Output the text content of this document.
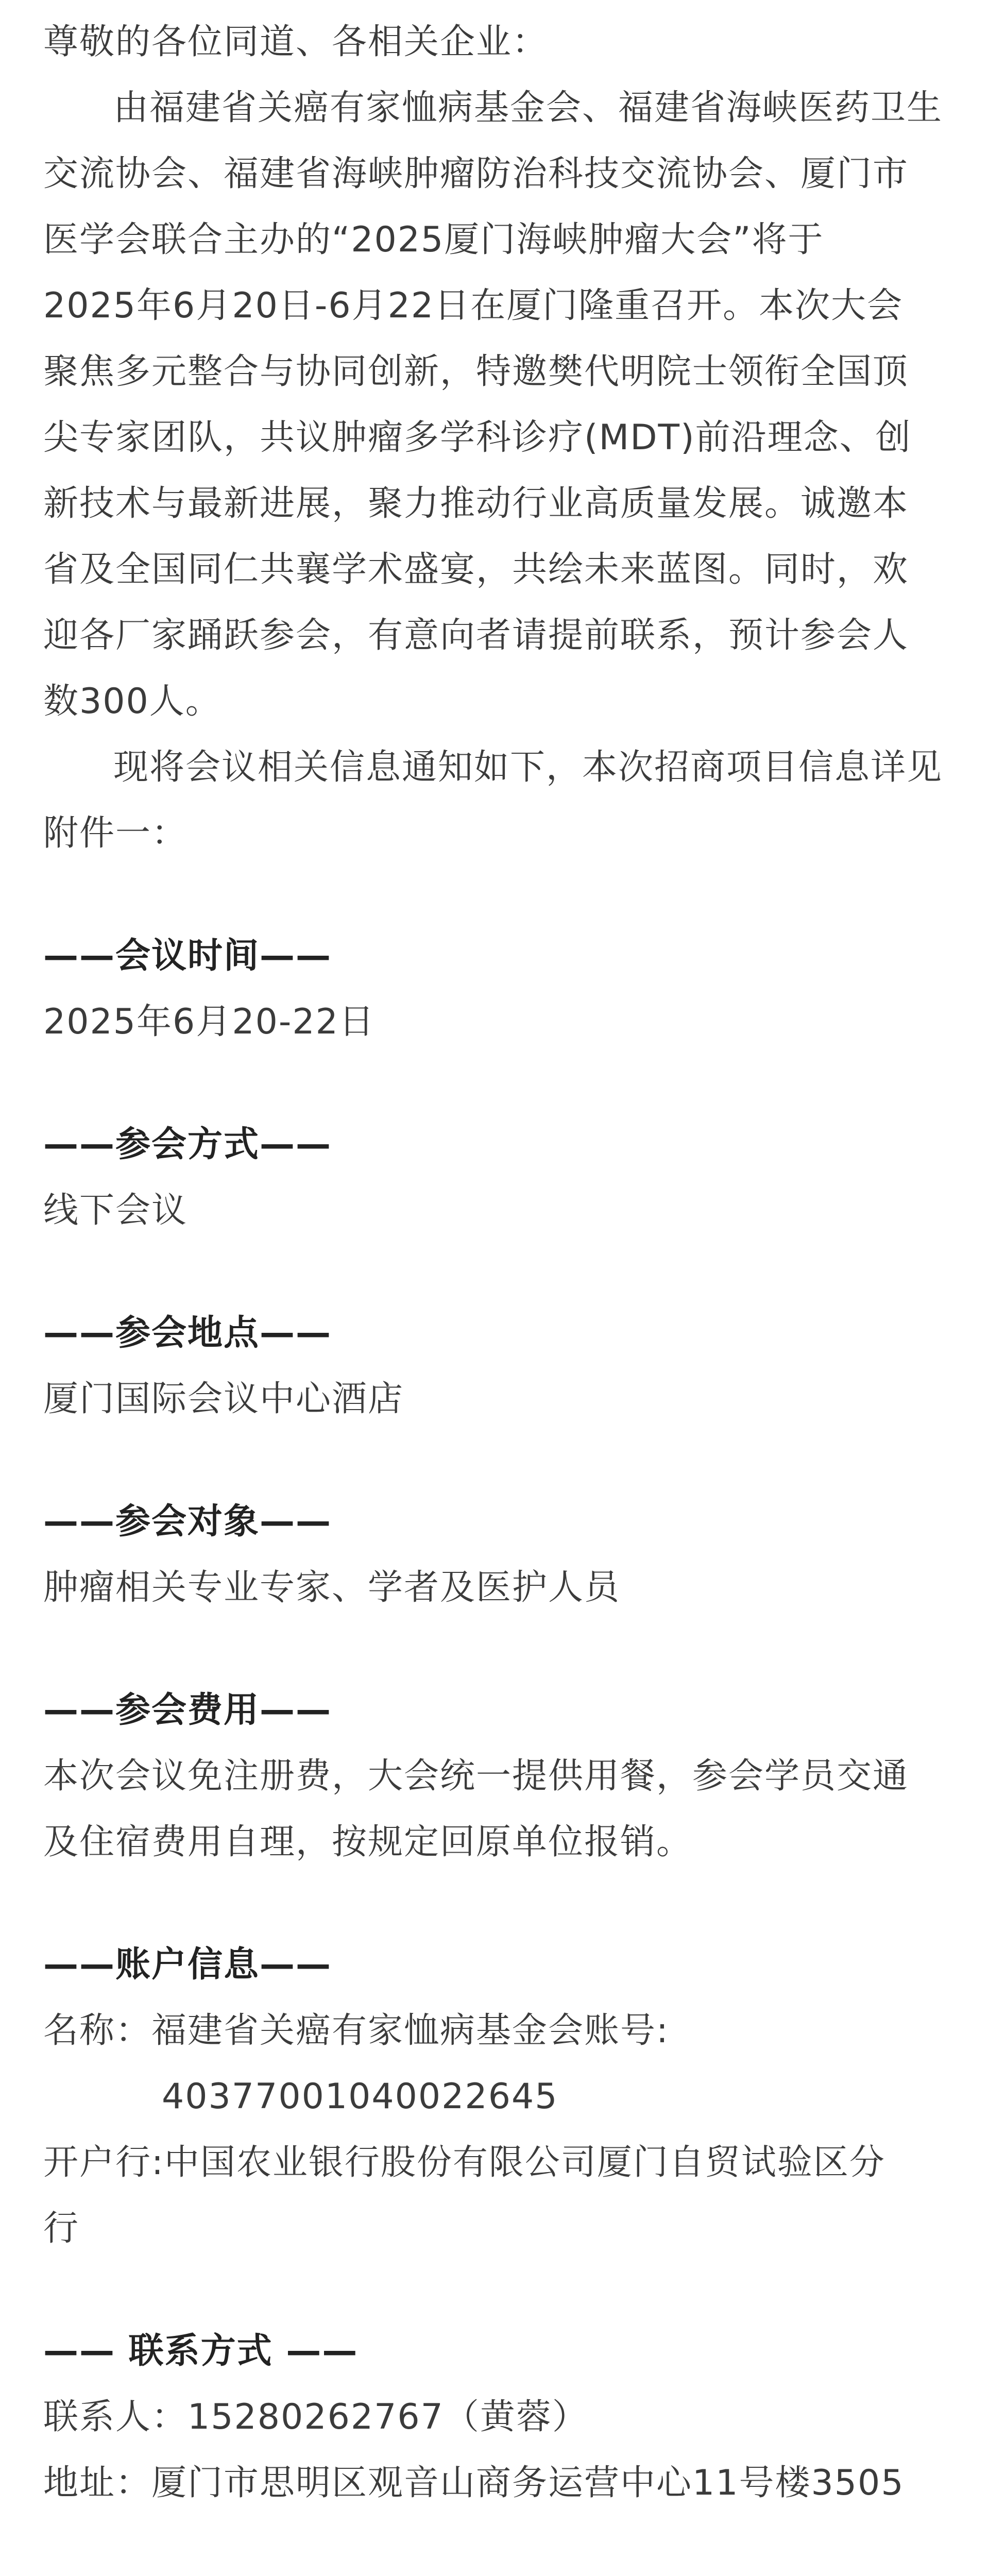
尊敬的各位同道、各相关企业：

由福建省关癌有家恤病基金会、福建省海峡医药卫生

交流协会、福建省海峡肿瘤防治科技交流协会、厦门市

医学会联合主办的“2025厦门海峡肿瘤大会”将于

2025年6月20日-6月22日在厦门隆重召开。本次大会

聚焦多元整合与协同创新，特邀樊代明院士领衔全国顶

尖专家团队，共议肿瘤多学科诊疗(MDT)前沿理念、创

新技术与最新进展，聚力推动行业高质量发展。诚邀本

省及全国同仁共襄学术盛宴，共绘未来蓝图。同时，欢

迎各厂家踊跃参会，有意向者请提前联系，预计参会人

数300人。

现将会议相关信息通知如下，本次招商项目信息详见

附件一：

——会议时间——

2025年6月20-22日

——参会方式——

线下会议

——参会地点——

厦门国际会议中心酒店

——参会对象——

肿瘤相关专业专家、学者及医护人员

——参会费用——

本次会议免注册费，大会统一提供用餐，参会学员交通

及住宿费用自理，按规定回原单位报销。

——账户信息——

名称：福建省关癌有家恤病基金会账号:

40377001040022645

开户行:中国农业银行股份有限公司厦门自贸试验区分

行

—— 联系方式 ——

联系人：15280262767（黄蓉）

地址：厦门市思明区观音山商务运营中心11号楼3505
